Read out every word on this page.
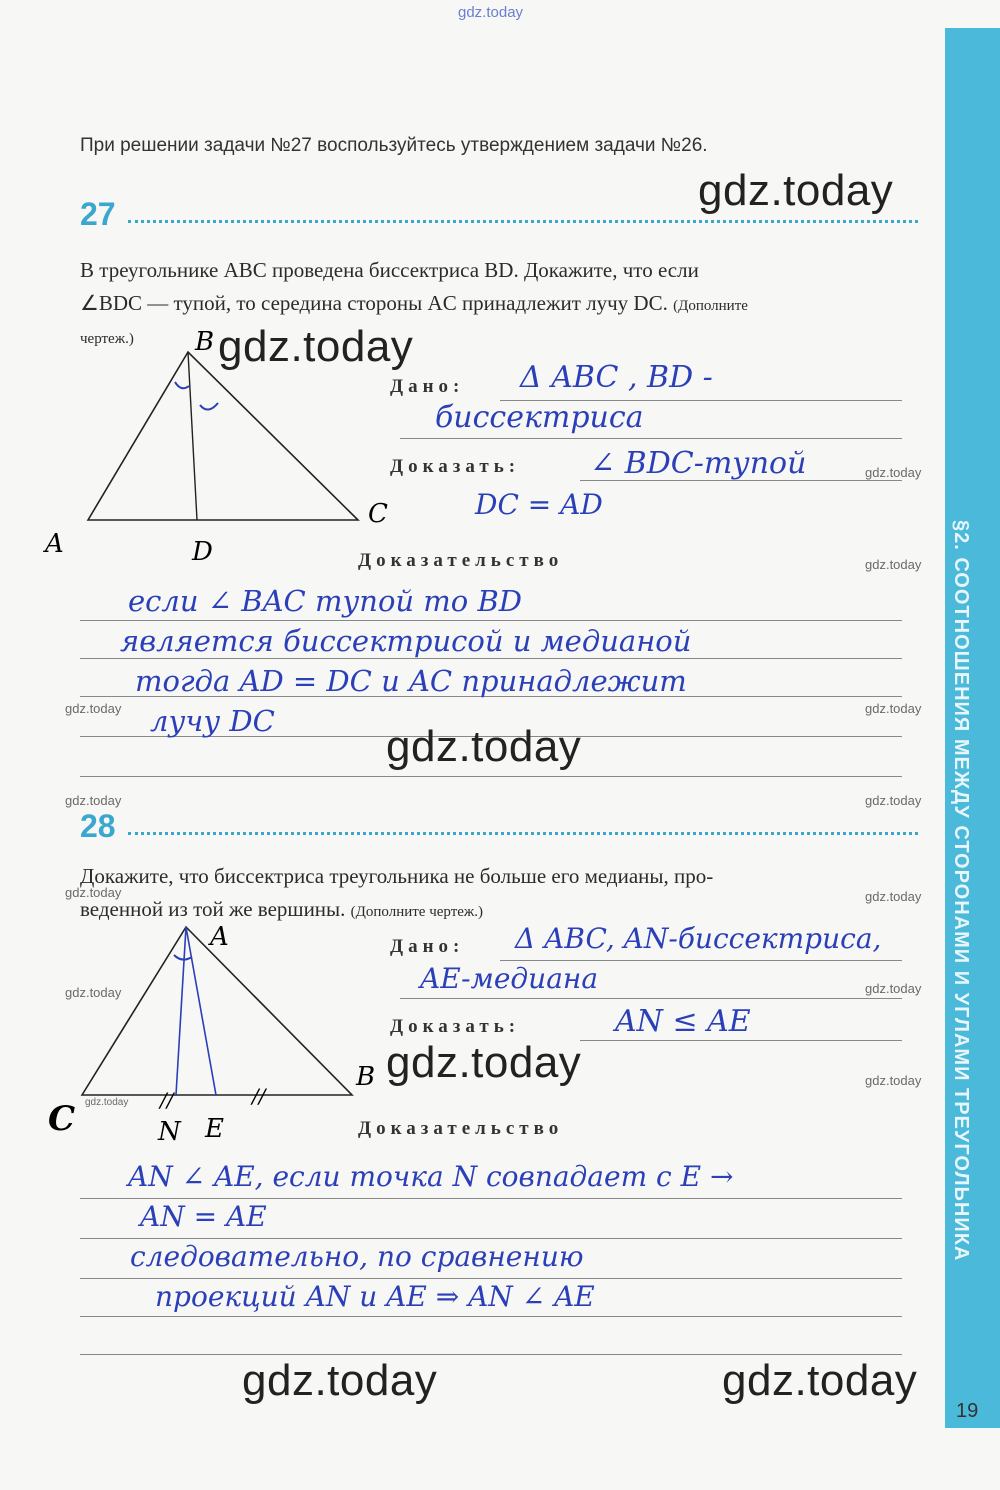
§2. СООТНОШЕНИЯ МЕЖДУ СТОРОНАМИ И УГЛАМИ ТРЕУГОЛЬНИКА
gdz.today
При решении задачи №27 воспользуйтесь утверждением задачи №26.
27
В треугольнике ABC проведена биссектриса BD. Докажите, что если
∠BDC — тупой, то середина стороны AC принадлежит лучу DC. (Дополните
чертеж.)	B
A
C
D
Дано: Δ ABC , BD -
биссектриса
Доказать: ∠ BDC-тупой
DC = AD
Доказательство
если ∠ BAC тупой то BD
является биссектрисой и медианой
тогда AD = DC и AC принадлежит
лучу DC
28
Докажите, что биссектриса треугольника не больше его медианы, про-
веденной из той же вершины. (Дополните чертеж.)
//	//
A
C
B
N E
Дано: Δ ABC, AN-биссектриса,
AE-медиана
Доказать:	AN ≤ AE
Доказательство
AN ∠ AE, если точка N совпадает с E →
AN = AE
следовательно, по сравнению
проекций AN и AE ⇒ AN ∠ AE
gdz.today
gdz.today
gdz.today
gdz.today
gdz.today	gdz.today
gdz.today
gdz.today
gdz.today	gdz.today
gdz.today	gdz.today
gdz.today	gdz.today
gdz.today	gdz.today
gdz.today
gdz.today
19
